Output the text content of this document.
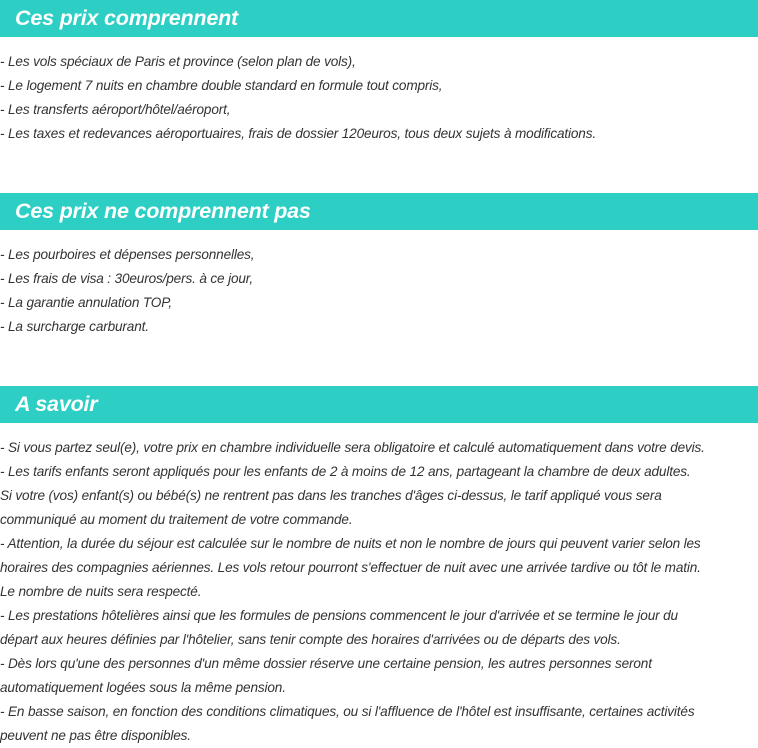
Ces prix comprennent
- Les vols spéciaux de Paris et province (selon plan de vols),
- Le logement 7 nuits en chambre double standard en formule tout compris,
- Les transferts aéroport/hôtel/aéroport,
- Les taxes et redevances aéroportuaires, frais de dossier 120euros, tous deux sujets à modifications.
Ces prix ne comprennent pas
- Les pourboires et dépenses personnelles,
- Les frais de visa : 30euros/pers. à ce jour,
- La garantie annulation TOP,
- La surcharge carburant.
A savoir
- Si vous partez seul(e), votre prix en chambre individuelle sera obligatoire et calculé automatiquement dans votre devis.
- Les tarifs enfants seront appliqués pour les enfants de 2 à moins de 12 ans, partageant la chambre de deux adultes.
Si votre (vos) enfant(s) ou bébé(s) ne rentrent pas dans les tranches d'âges ci-dessus, le tarif appliqué vous sera
communiqué au moment du traitement de votre commande.
- Attention, la durée du séjour est calculée sur le nombre de nuits et non le nombre de jours qui peuvent varier selon les
horaires des compagnies aériennes. Les vols retour pourront s'effectuer de nuit avec une arrivée tardive ou tôt le matin.
Le nombre de nuits sera respecté.
- Les prestations hôtelières ainsi que les formules de pensions commencent le jour d'arrivée et se termine le jour du
départ aux heures définies par l'hôtelier, sans tenir compte des horaires d'arrivées ou de départs des vols.
- Dès lors qu'une des personnes d'un même dossier réserve une certaine pension, les autres personnes seront
automatiquement logées sous la même pension.
- En basse saison, en fonction des conditions climatiques, ou si l'affluence de l'hôtel est insuffisante, certaines activités
peuvent ne pas être disponibles.
